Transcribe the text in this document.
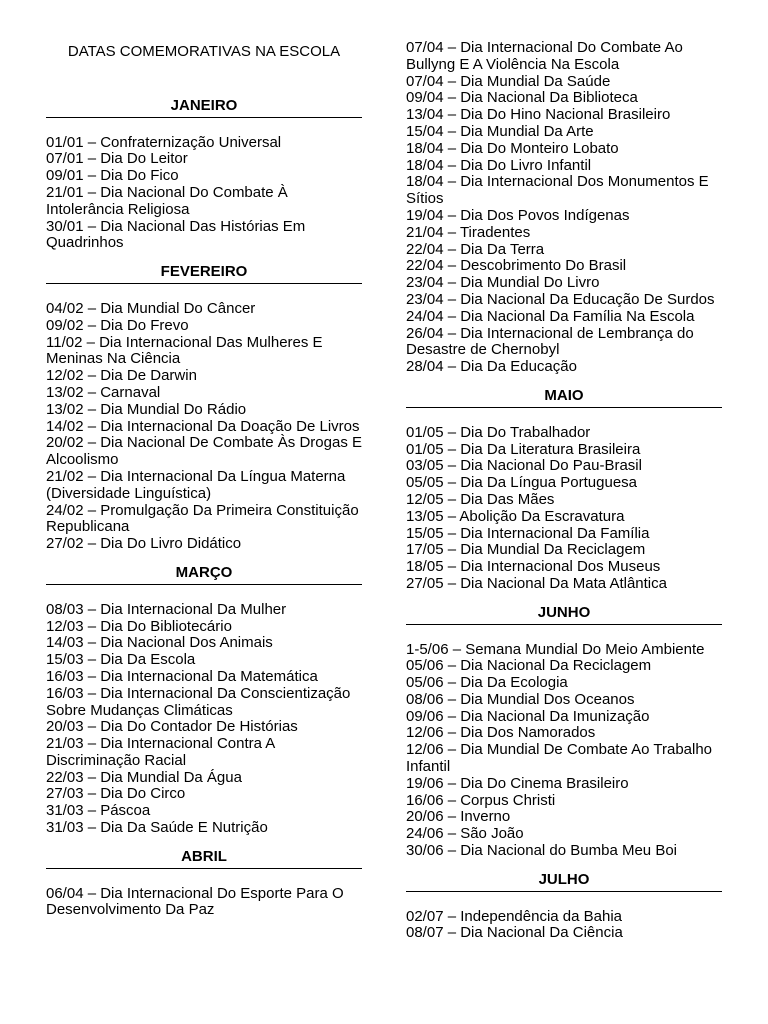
DATAS COMEMORATIVAS NA ESCOLA
JANEIRO
01/01 – Confraternização Universal
07/01 – Dia Do Leitor
09/01 – Dia Do Fico
21/01 – Dia Nacional Do Combate À Intolerância Religiosa
30/01 – Dia Nacional Das Histórias Em Quadrinhos
FEVEREIRO
04/02 – Dia Mundial Do Câncer
09/02 – Dia Do Frevo
11/02 – Dia Internacional Das Mulheres E Meninas Na Ciência
12/02 – Dia De Darwin
13/02 – Carnaval
13/02 – Dia Mundial Do Rádio
14/02 – Dia Internacional Da Doação De Livros
20/02 – Dia Nacional De Combate Às Drogas E Alcoolismo
21/02 – Dia Internacional Da Língua Materna (Diversidade Linguística)
24/02 – Promulgação Da Primeira Constituição Republicana
27/02 – Dia Do Livro Didático
MARÇO
08/03 – Dia Internacional Da Mulher
12/03 – Dia Do Bibliotecário
14/03 – Dia Nacional Dos Animais
15/03 – Dia Da Escola
16/03 – Dia Internacional Da Matemática
16/03 – Dia Internacional Da Conscientização Sobre Mudanças Climáticas
20/03 – Dia Do Contador De Histórias
21/03 – Dia Internacional Contra A Discriminação Racial
22/03 – Dia Mundial Da Água
27/03 – Dia Do Circo
31/03 – Páscoa
31/03 – Dia Da Saúde E Nutrição
ABRIL
06/04 – Dia Internacional Do Esporte Para O Desenvolvimento Da Paz
07/04 – Dia Internacional Do Combate Ao Bullyng E A Violência Na Escola
07/04 – Dia Mundial Da Saúde
09/04 – Dia Nacional Da Biblioteca
13/04 – Dia Do Hino Nacional Brasileiro
15/04 – Dia Mundial Da Arte
18/04 – Dia Do Monteiro Lobato
18/04 – Dia Do Livro Infantil
18/04 – Dia Internacional Dos Monumentos E Sítios
19/04 – Dia Dos Povos Indígenas
21/04 – Tiradentes
22/04 – Dia Da Terra
22/04 – Descobrimento Do Brasil
23/04 – Dia Mundial Do Livro
23/04 – Dia Nacional Da Educação De Surdos
24/04 – Dia Nacional Da Família Na Escola
26/04 – Dia Internacional de Lembrança do Desastre de Chernobyl
28/04 – Dia Da Educação
MAIO
01/05 – Dia Do Trabalhador
01/05 – Dia Da Literatura Brasileira
03/05 – Dia Nacional Do Pau-Brasil
05/05 – Dia Da Língua Portuguesa
12/05 – Dia Das Mães
13/05 – Abolição Da Escravatura
15/05 – Dia Internacional Da Família
17/05 – Dia Mundial Da Reciclagem
18/05 – Dia Internacional Dos Museus
27/05 – Dia Nacional Da Mata Atlântica
JUNHO
1-5/06 – Semana Mundial Do Meio Ambiente
05/06 – Dia Nacional Da Reciclagem
05/06 – Dia Da Ecologia
08/06 – Dia Mundial Dos Oceanos
09/06 – Dia Nacional Da Imunização
12/06 – Dia Dos Namorados
12/06 – Dia Mundial De Combate Ao Trabalho Infantil
19/06 – Dia Do Cinema Brasileiro
16/06 – Corpus Christi
20/06 – Inverno
24/06 – São João
30/06 – Dia Nacional do Bumba Meu Boi
JULHO
02/07 – Independência da Bahia
08/07 – Dia Nacional Da Ciência
